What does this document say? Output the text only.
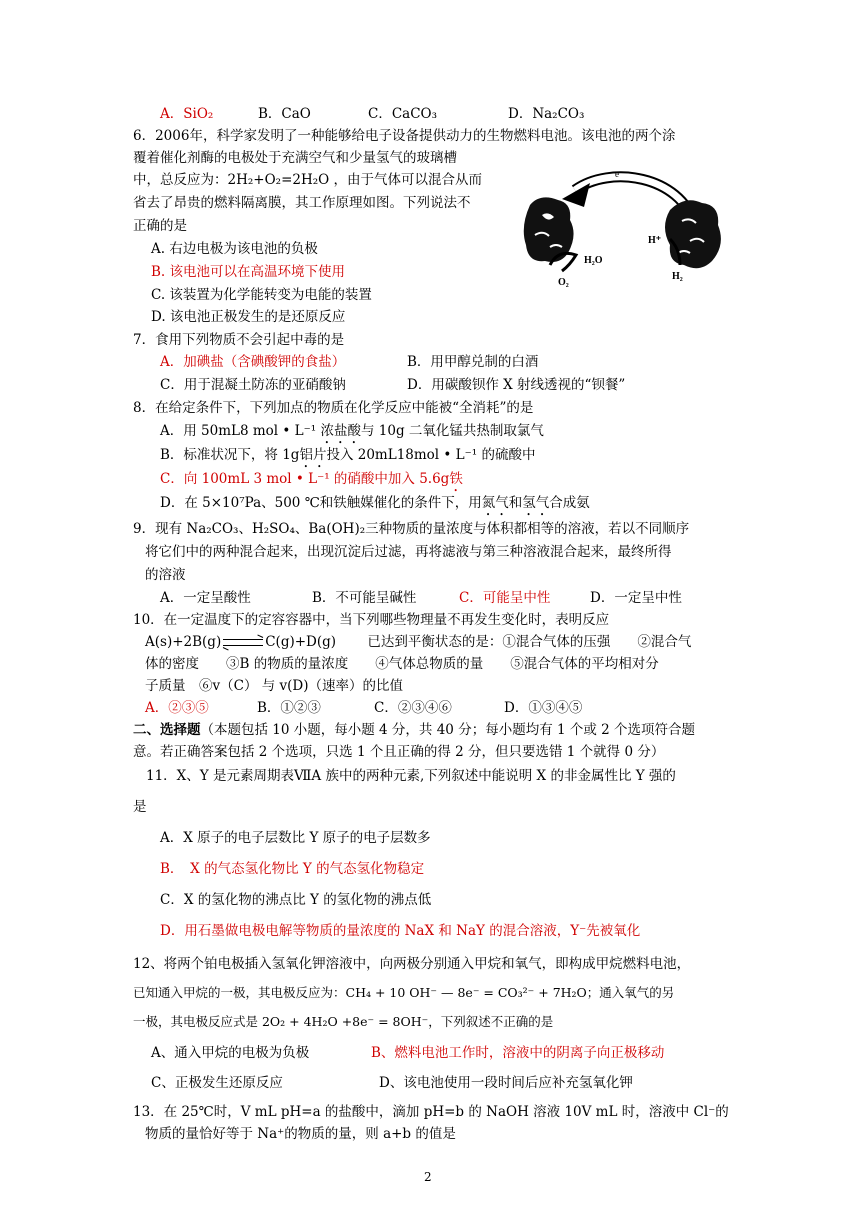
A．SiO₂	B．CaO	C．CaCO₃	D．Na₂CO₃
6．2006年，科学家发明了一种能够给电子设备提供动力的生物燃料电池。该电池的两个涂
覆着催化剂酶的电极处于充满空气和少量氢气的玻璃槽
中，总反应为：2H₂+O₂=2H₂O ，由于气体可以混合从而
省去了昂贵的燃料隔离膜，其工作原理如图。下列说法不
正确的是
A. 右边电极为该电池的负极
B. 该电池可以在高温环境下使用
C. 该装置为化学能转变为电能的装置
D. 该电池正极发生的是还原反应
e⁻
H⁺
H₂O
O₂
H₂
7．食用下列物质不会引起中毒的是
A．加碘盐（含碘酸钾的食盐）	B．用甲醇兑制的白酒
C．用于混凝土防冻的亚硝酸钠	D．用碳酸钡作 X 射线透视的“钡餐”
8．在给定条件下，下列加点的物质在化学反应中能被“全消耗”的是
A．用 50mL8 mol • L⁻¹ 浓盐酸与 10g 二氧化锰共热制取氯气
B．标准状况下，将 1g铝片投入 20mL18mol • L⁻¹ 的硫酸中
C．向 100mL 3 mol • L⁻¹ 的硝酸中加入 5.6g铁
D．在 5×10⁷Pa、500 ℃和铁触媒催化的条件下，用氮气和氢气合成氨
9．现有 Na₂CO₃、H₂SO₄、Ba(OH)₂三种物质的量浓度与体积都相等的溶液，若以不同顺序
将它们中的两种混合起来，出现沉淀后过滤，再将滤液与第三种溶液混合起来，最终所得
的溶液
A．一定呈酸性	B．不可能呈碱性	C．可能呈中性	D．一定呈中性
10．在一定温度下的定容容器中，当下列哪些物理量不再发生变化时，表明反应
A(s)+2B(g)	C(g)+D(g)　　 已达到平衡状态的是：①混合气体的压强　　②混合气
体的密度　　③B 的物质的量浓度　　④气体总物质的量　　⑤混合气体的平均相对分
子质量　⑥v（C） 与 v(D)（速率）的比值
A．②③⑤	B．①②③	C．②③④⑥	D．①③④⑤
二、选择题（本题包括 10 小题，每小题 4 分，共 40 分；每小题均有 1 个或 2 个选项符合题
意。若正确答案包括 2 个选项，只选 1 个且正确的得 2 分，但只要选错 1 个就得 0 分）
11．X、Y 是元素周期表ⅦA 族中的两种元素,下列叙述中能说明 X 的非金属性比 Y 强的
是
A．X 原子的电子层数比 Y 原子的电子层数多
B．　X 的气态氢化物比 Y 的气态氢化物稳定
C．X 的氢化物的沸点比 Y 的氢化物的沸点低
D．用石墨做电极电解等物质的量浓度的 NaX 和 NaY 的混合溶液，Y⁻先被氧化
12、将两个铂电极插入氢氧化钾溶液中，向两极分别通入甲烷和氧气，即构成甲烷燃料电池，
已知通入甲烷的一极，其电极反应为：CH₄ + 10 OH⁻ — 8e⁻ = CO₃²⁻ + 7H₂O；通入氧气的另
一极，其电极反应式是 2O₂ + 4H₂O +8e⁻ = 8OH⁻，下列叙述不正确的是
A、通入甲烷的电极为负极	B、燃料电池工作时，溶液中的阴离子向正极移动
C、正极发生还原反应	D、该电池使用一段时间后应补充氢氧化钾
13．在 25℃时，V mL pH=a 的盐酸中，滴加 pH=b 的 NaOH 溶液 10V mL 时，溶液中 Cl⁻的
物质的量恰好等于 Na⁺的物质的量，则 a+b 的值是
2
